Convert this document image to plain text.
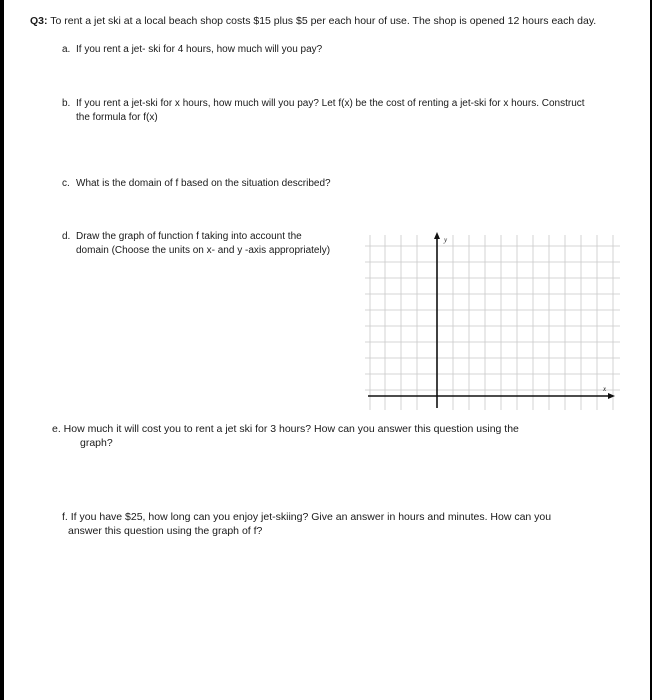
Q3: To rent a jet ski at a local beach shop costs $15 plus $5 per each hour of use. The shop is opened 12 hours each day.
a. If you rent a jet- ski for 4 hours, how much will you pay?
b. If you rent a jet-ski for x hours, how much will you pay? Let f(x) be the cost of renting a jet-ski for x hours. Construct
the formula for f(x)
c. What is the domain of f based on the situation described?
d. Draw the graph of function f taking into account the
domain (Choose the units on x- and y -axis appropriately)
y
x
e. How much it will cost you to rent a jet ski for 3 hours? How can you answer this question using the
graph?
f. If you have $25, how long can you enjoy jet-skiing? Give an answer in hours and minutes. How can you
answer this question using the graph of f?
